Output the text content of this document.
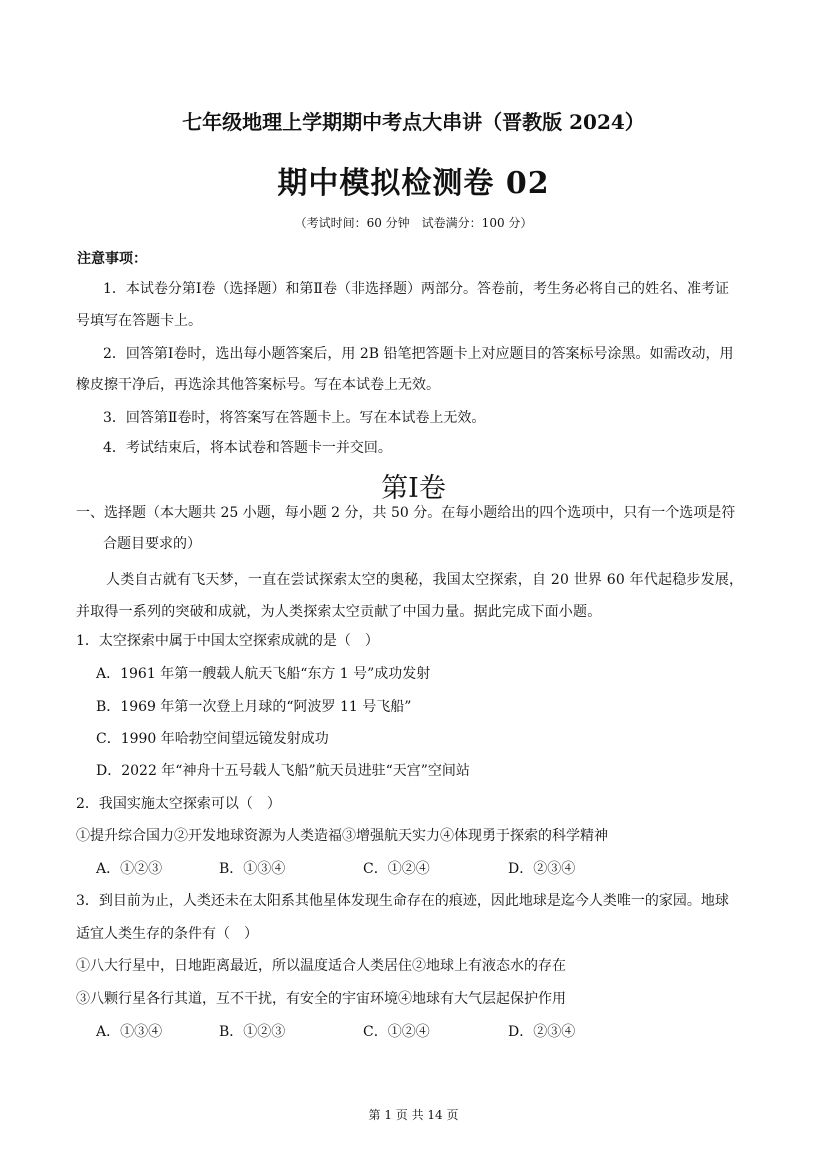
七年级地理上学期期中考点大串讲（晋教版 2024）
期中模拟检测卷 02
（考试时间：60 分钟　试卷满分：100 分）
注意事项：
1．本试卷分第Ⅰ卷（选择题）和第Ⅱ卷（非选择题）两部分。答卷前，考生务必将自己的姓名、准考证
号填写在答题卡上。
2．回答第Ⅰ卷时，选出每小题答案后，用 2B 铅笔把答题卡上对应题目的答案标号涂黑。如需改动，用
橡皮擦干净后，再选涂其他答案标号。写在本试卷上无效。
3．回答第Ⅱ卷时，将答案写在答题卡上。写在本试卷上无效。
4．考试结束后，将本试卷和答题卡一并交回。
第Ⅰ卷
一、选择题（本大题共 25 小题，每小题 2 分，共 50 分。在每小题给出的四个选项中，只有一个选项是符
合题目要求的）
人类自古就有飞天梦，一直在尝试探索太空的奥秘，我国太空探索，自 20 世界 60 年代起稳步发展，
并取得一系列的突破和成就，为人类探索太空贡献了中国力量。据此完成下面小题。
1．太空探索中属于中国太空探索成就的是（　）
A．1961 年第一艘载人航天飞船“东方 1 号”成功发射
B．1969 年第一次登上月球的“阿波罗 11 号飞船”
C．1990 年哈勃空间望远镜发射成功
D．2022 年“神舟十五号载人飞船”航天员进驻“天宫”空间站
2．我国实施太空探索可以（　）
①提升综合国力②开发地球资源为人类造福③增强航天实力④体现勇于探索的科学精神
A．①②③	B．①③④	C．①②④	D．②③④
3．到目前为止，人类还未在太阳系其他星体发现生命存在的痕迹，因此地球是迄今人类唯一的家园。地球
适宜人类生存的条件有（　）
①八大行星中，日地距离最近，所以温度适合人类居住②地球上有液态水的存在
③八颗行星各行其道，互不干扰，有安全的宇宙环境④地球有大气层起保护作用
A．①③④	B．①②③	C．①②④	D．②③④
第 1 页 共 14 页
